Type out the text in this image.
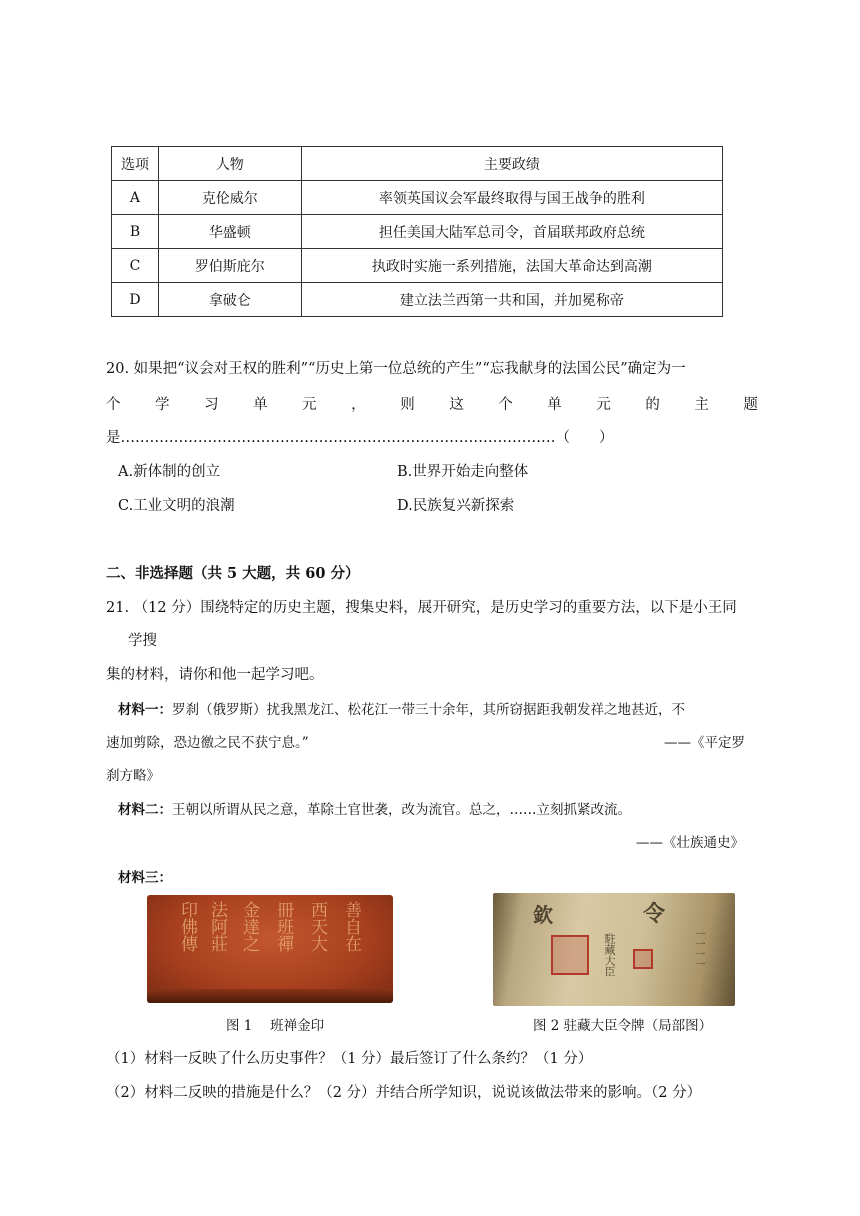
选项	人物	主要政绩
A	克伦威尔	率领英国议会军最终取得与国王战争的胜利
B	华盛顿	担任美国大陆军总司令，首届联邦政府总统
C	罗伯斯庇尔	执政时实施一系列措施，法国大革命达到高潮
D	拿破仑	建立法兰西第一共和国，并加冕称帝
20. 如果把“议会对王权的胜利”“历史上第一位总统的产生”“忘我献身的法国公民”确定为一
个 学 习 单 元 ， 则 这 个 单 元 的 主 题
是………………………………………………………………………………（　　）
A.新体制的创立	B.世界开始走向整体
C.工业文明的浪潮	D.民族复兴新探索
二、非选择题（共 5 大题，共 60 分）
21. （12 分）围绕特定的历史主题，搜集史料，展开研究，是历史学习的重要方法，以下是小王同
学搜
集的材料，请你和他一起学习吧。
材料一：罗刹（俄罗斯）扰我黑龙江、松花江一带三十余年，其所窃据距我朝发祥之地甚近，不
速加剪除，恐边徼之民不获宁息。”	——《平定罗
刹方略》
材料二：王朝以所谓从民之意，革除土官世袭，改为流官。总之，……立刻抓紧改流。
——《壮族通史》
材料三：
印佛傳 法阿莊 金達之 冊班禪 西天大 善自在	欽	令
駐藏大臣	一一一一
图 1　 班禅金印	图 2 驻藏大臣令牌（局部图）
（1）材料一反映了什么历史事件？（1 分）最后签订了什么条约？（1 分）
（2）材料二反映的措施是什么？（2 分）并结合所学知识，说说该做法带来的影响。（2 分）
